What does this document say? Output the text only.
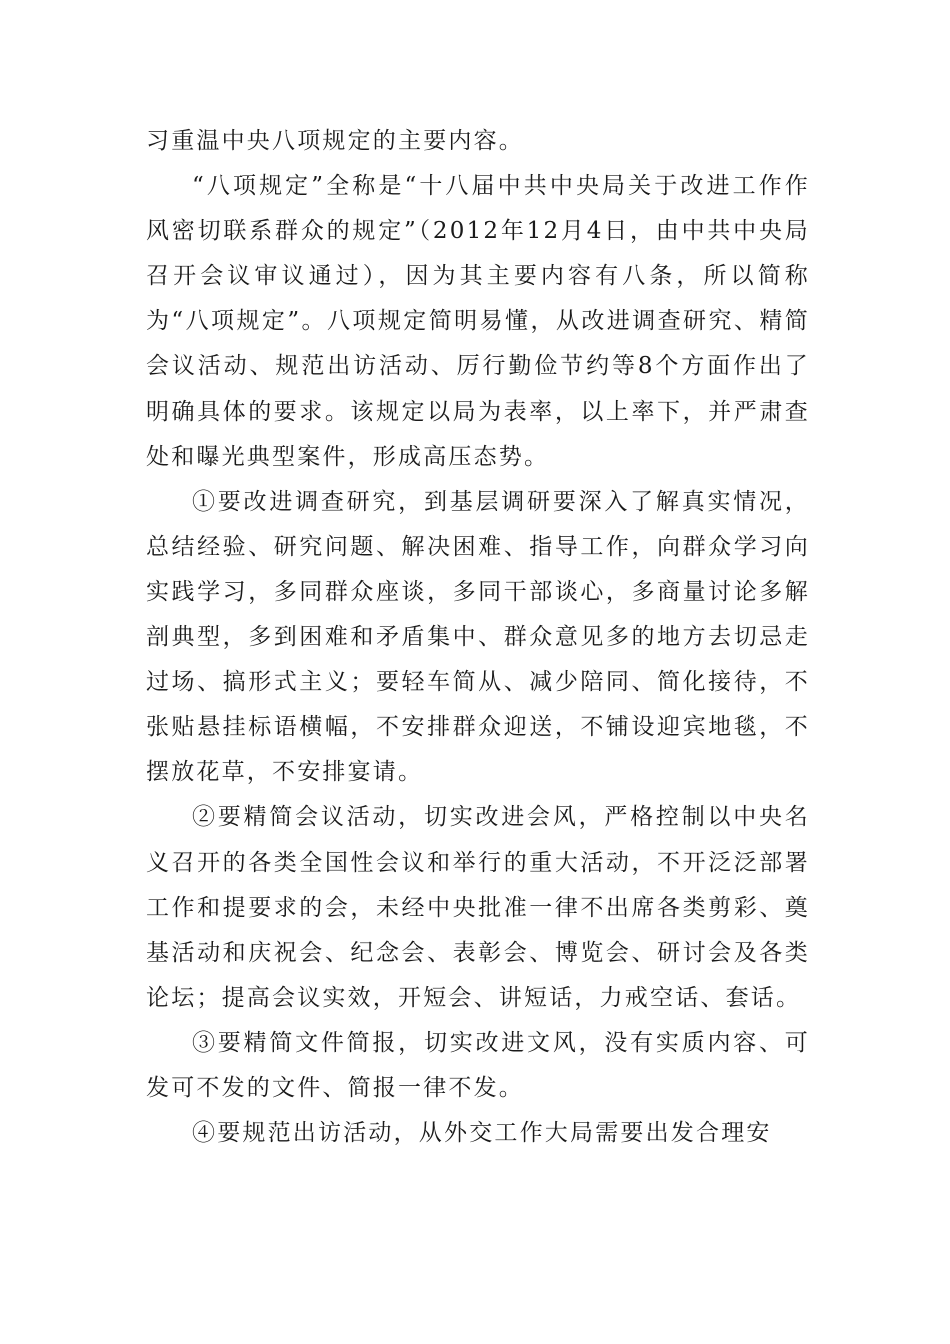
习重温中央八项规定的主要内容。

“八项规定”全称是“十八届中共中央局关于改进工作作风密切联系群众的规定”（2012年12月4日，由中共中央局召开会议审议通过），因为其主要内容有八条，所以简称为“八项规定”。八项规定简明易懂，从改进调查研究、精简会议活动、规范出访活动、厉行勤俭节约等8个方面作出了明确具体的要求。该规定以局为表率，以上率下，并严肃查处和曝光典型案件，形成高压态势。

①要改进调查研究，到基层调研要深入了解真实情况，总结经验、研究问题、解决困难、指导工作，向群众学习向实践学习，多同群众座谈，多同干部谈心，多商量讨论多解剖典型，多到困难和矛盾集中、群众意见多的地方去切忌走过场、搞形式主义；要轻车简从、减少陪同、简化接待，不张贴悬挂标语横幅，不安排群众迎送，不铺设迎宾地毯，不摆放花草，不安排宴请。

②要精简会议活动，切实改进会风，严格控制以中央名义召开的各类全国性会议和举行的重大活动，不开泛泛部署工作和提要求的会，未经中央批准一律不出席各类剪彩、奠基活动和庆祝会、纪念会、表彰会、博览会、研讨会及各类论坛；提高会议实效，开短会、讲短话，力戒空话、套话。

③要精简文件简报，切实改进文风，没有实质内容、可发可不发的文件、简报一律不发。

④要规范出访活动，从外交工作大局需要出发合理安
